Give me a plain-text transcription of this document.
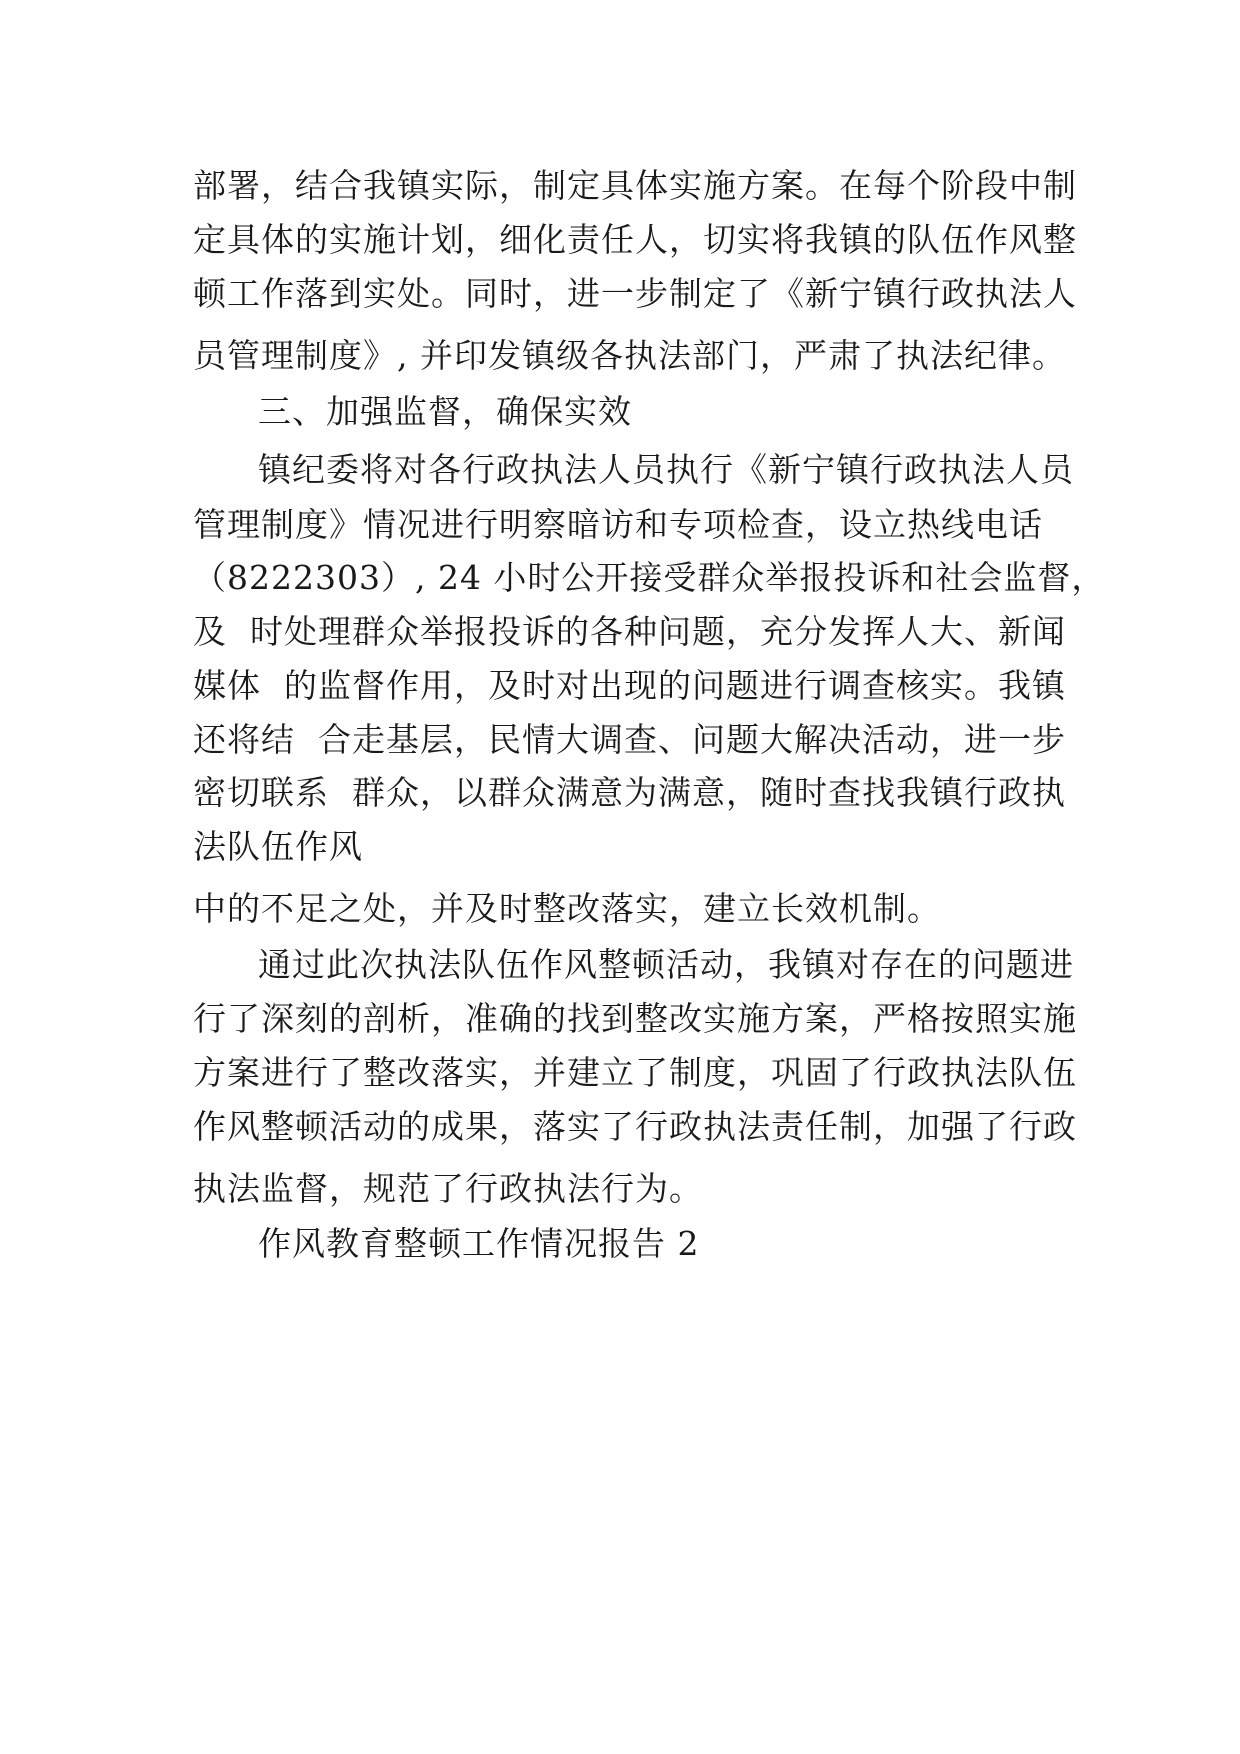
部署，结合我镇实际，制定具体实施方案。在每个阶段中制
定具体的实施计划，细化责任人，切实将我镇的队伍作风整
顿工作落到实处。同时，进一步制定了《新宁镇行政执法人
员管理制度》, 并印发镇级各执法部门，严肃了执法纪律。
三、加强监督，确保实效
镇纪委将对各行政执法人员执行《新宁镇行政执法人员
管理制度》情况进行明察暗访和专项检查，设立热线电话
（8222303）, 24 小时公开接受群众举报投诉和社会监督，
及  时处理群众举报投诉的各种问题，充分发挥人大、新闻
媒体  的监督作用，及时对出现的问题进行调查核实。我镇
还将结  合走基层，民情大调查、问题大解决活动，进一步
密切联系  群众，以群众满意为满意，随时查找我镇行政执
法队伍作风
中的不足之处，并及时整改落实，建立长效机制。
通过此次执法队伍作风整顿活动，我镇对存在的问题进
行了深刻的剖析，准确的找到整改实施方案，严格按照实施
方案进行了整改落实，并建立了制度，巩固了行政执法队伍
作风整顿活动的成果，落实了行政执法责任制，加强了行政
执法监督，规范了行政执法行为。
作风教育整顿工作情况报告 2
